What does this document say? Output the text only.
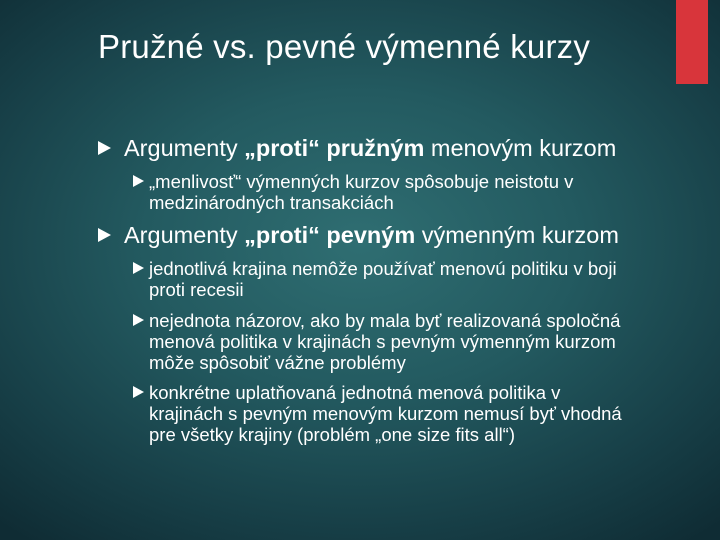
Pružné vs. pevné výmenné kurzy
Argumenty „proti“ pružným menovým kurzom
„menlivosť“ výmenných kurzov spôsobuje neistotu v
medzinárodných transakciách
Argumenty „proti“ pevným výmenným kurzom
jednotlivá krajina nemôže používať menovú politiku v boji
proti recesii
nejednota názorov, ako by mala byť realizovaná spoločná
menová politika v krajinách s pevným výmenným kurzom
môže spôsobiť vážne problémy
konkrétne uplatňovaná jednotná menová politika v
krajinách s pevným menovým kurzom nemusí byť vhodná
pre všetky krajiny (problém „one size fits all“)
